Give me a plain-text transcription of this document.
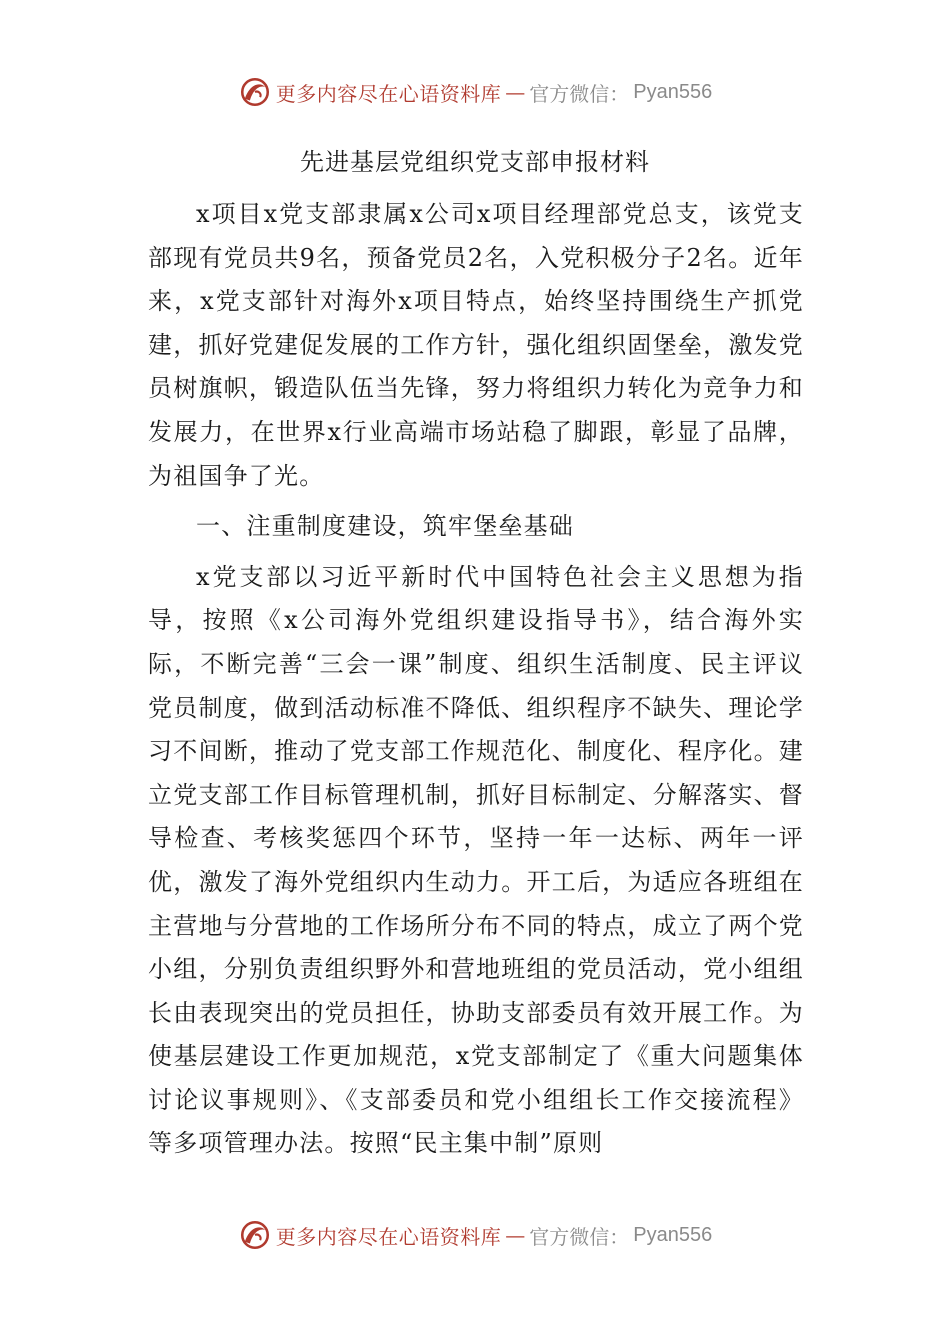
更多内容尽在心语资料库 — 官方微信： Pyan556
先进基层党组织党支部申报材料

x项目x党支部隶属x公司x项目经理部党总支，该党支部现有党员共9名，预备党员2名，入党积极分子2名。近年来，x党支部针对海外x项目特点，始终坚持围绕生产抓党建，抓好党建促发展的工作方针，强化组织固堡垒，激发党员树旗帜，锻造队伍当先锋，努力将组织力转化为竞争力和发展力，在世界x行业高端市场站稳了脚跟，彰显了品牌，为祖国争了光。

一、注重制度建设，筑牢堡垒基础

x党支部以习近平新时代中国特色社会主义思想为指导，按照《x公司海外党组织建设指导书》，结合海外实际，不断完善“三会一课”制度、组织生活制度、民主评议党员制度，做到活动标准不降低、组织程序不缺失、理论学习不间断，推动了党支部工作规范化、制度化、程序化。建立党支部工作目标管理机制，抓好目标制定、分解落实、督导检查、考核奖惩四个环节，坚持一年一达标、两年一评优，激发了海外党组织内生动力。开工后，为适应各班组在主营地与分营地的工作场所分布不同的特点，成立了两个党小组，分别负责组织野外和营地班组的党员活动，党小组组长由表现突出的党员担任，协助支部委员有效开展工作。为使基层建设工作更加规范，x党支部制定了《重大问题集体讨论议事规则》、《支部委员和党小组组长工作交接流程》等多项管理办法。按照“民主集中制”原则

更多内容尽在心语资料库 — 官方微信： Pyan556
